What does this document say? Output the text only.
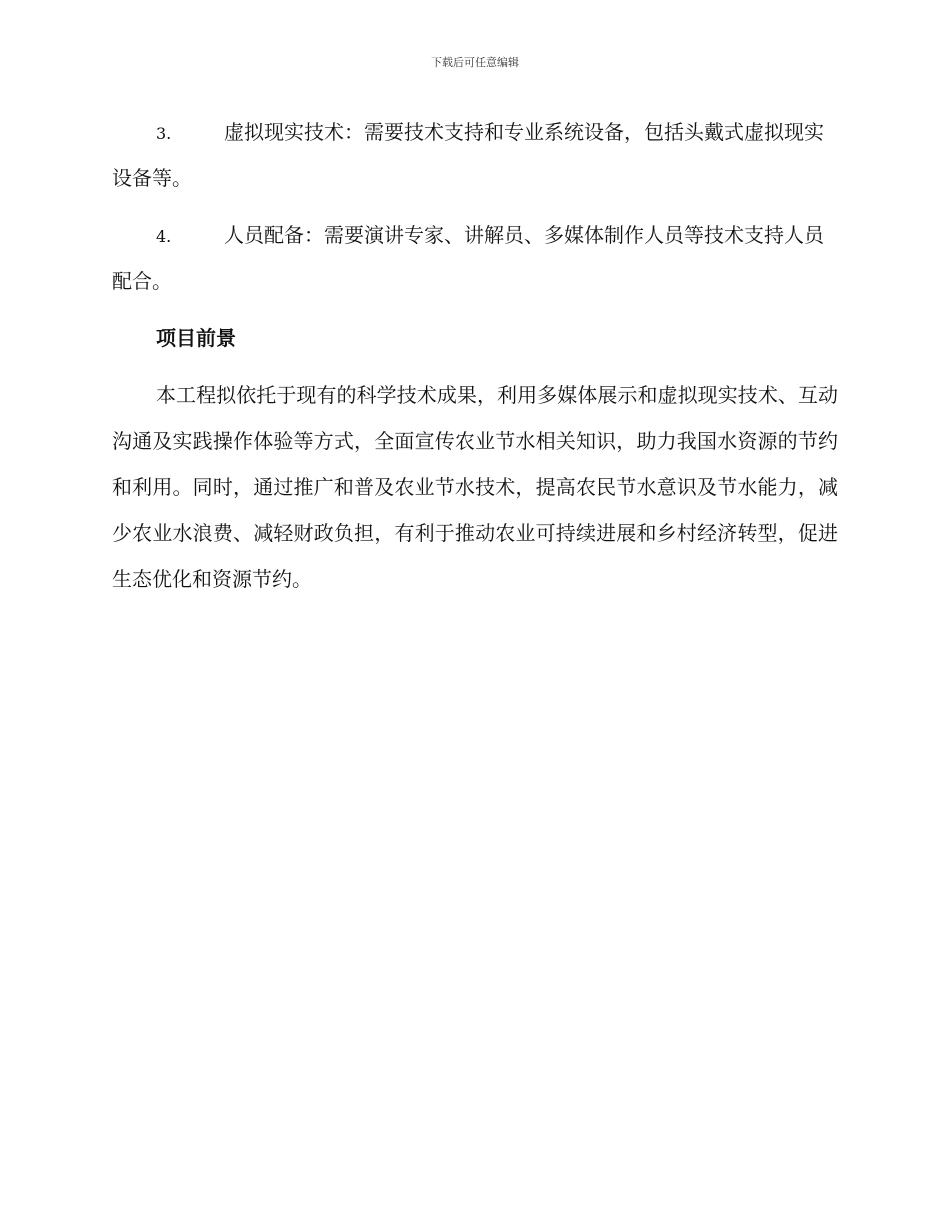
下载后可任意编辑

3.	虚拟现实技术：需要技术支持和专业系统设备，包括头戴式虚拟现实设备等。

4.	人员配备：需要演讲专家、讲解员、多媒体制作人员等技术支持人员配合。

项目前景

本工程拟依托于现有的科学技术成果，利用多媒体展示和虚拟现实技术、互动沟通及实践操作体验等方式，全面宣传农业节水相关知识，助力我国水资源的节约和利用。同时，通过推广和普及农业节水技术，提高农民节水意识及节水能力，减少农业水浪费、减轻财政负担，有利于推动农业可持续进展和乡村经济转型，促进生态优化和资源节约。
